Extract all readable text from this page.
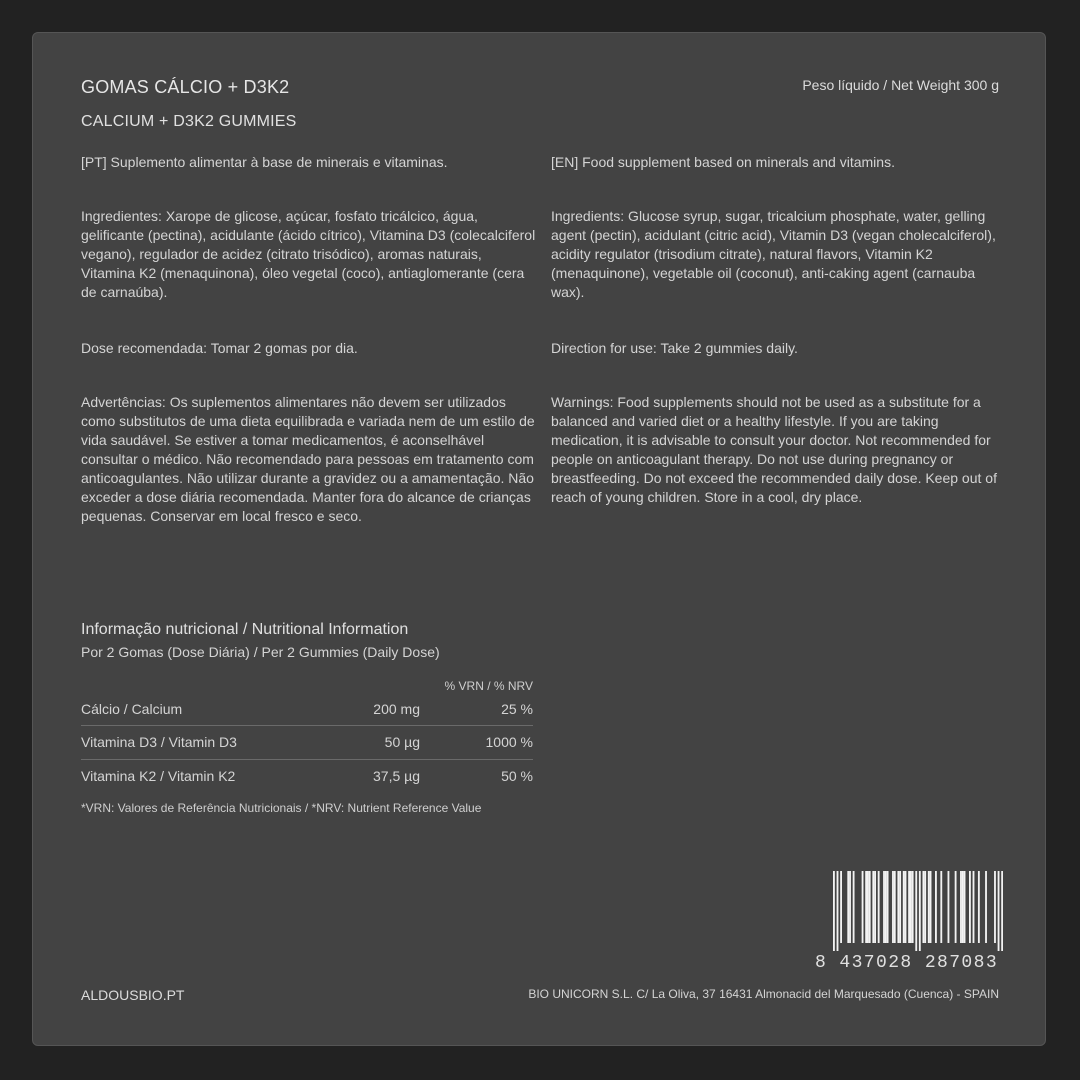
GOMAS CÁLCIO + D3K2
CALCIUM + D3K2 GUMMIES
Peso líquido / Net Weight 300 g

[PT] Suplemento alimentar à base de minerais e vitaminas.

Ingredientes: Xarope de glicose, açúcar, fosfato tricálcico, água, gelificante (pectina), acidulante (ácido cítrico), Vitamina D3 (colecalciferol vegano), regulador de acidez (citrato trisódico), aromas naturais, Vitamina K2 (menaquinona), óleo vegetal (coco), antiaglomerante (cera de carnaúba).

Dose recomendada: Tomar 2 gomas por dia.

Advertências: Os suplementos alimentares não devem ser utilizados como substitutos de uma dieta equilibrada e variada nem de um estilo de vida saudável. Se estiver a tomar medicamentos, é aconselhável consultar o médico. Não recomendado para pessoas em tratamento com anticoagulantes. Não utilizar durante a gravidez ou a amamentação. Não exceder a dose diária recomendada. Manter fora do alcance de crianças pequenas. Conservar em local fresco e seco.

[EN] Food supplement based on minerals and vitamins.

Ingredients: Glucose syrup, sugar, tricalcium phosphate, water, gelling agent (pectin), acidulant (citric acid), Vitamin D3 (vegan cholecalciferol), acidity regulator (trisodium citrate), natural flavors, Vitamin K2 (menaquinone), vegetable oil (coconut), anti-caking agent (carnauba wax).

Direction for use: Take 2 gummies daily.

Warnings: Food supplements should not be used as a substitute for a balanced and varied diet or a healthy lifestyle. If you are taking medication, it is advisable to consult your doctor. Not recommended for people on anticoagulant therapy. Do not use during pregnancy or breastfeeding. Do not exceed the recommended daily dose. Keep out of reach of young children. Store in a cool, dry place.

Informação nutricional / Nutritional Information
Por 2 Gomas (Dose Diária) / Per 2 Gummies (Daily Dose)
% VRN / % NRV
Cálcio / Calcium	200 mg	25 %
Vitamina D3 / Vitamin D3	50 µg	1000 %
Vitamina K2 / Vitamin K2	37,5 µg	50 %
*VRN: Valores de Referência Nutricionais / *NRV: Nutrient Reference Value
8 437028 287083
ALDOUSBIO.PT	BIO UNICORN S.L. C/ La Oliva, 37 16431 Almonacid del Marquesado (Cuenca) - SPAIN
